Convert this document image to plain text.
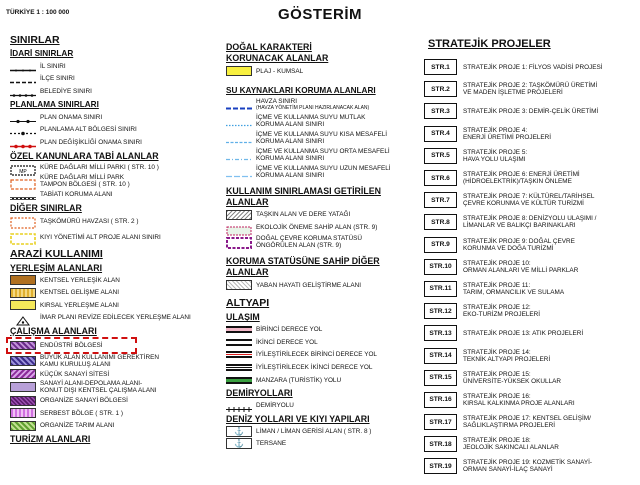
TÜRKİYE 1 : 100 000	GÖSTERİM
SINIRLAR
İDARİ SINIRLAR
İL SINIRI
İLÇE SINIRI
BELEDİYE SINIRI
PLANLAMA SINIRLARI
PLAN ONAMA SINIRI
PLANLAMA ALT BÖLGESİ SINIRI
PLAN DEĞİŞİKLİĞİ ONAMA SINIRI
ÖZEL KANUNLARA TABİ ALANLAR
MP
KÜRE DAĞLARI MİLLİ PARKI ( STR. 10 )
KÜRE DAĞLARI MİLLİ PARK
TAMPON BÖLGESİ ( STR. 10 )
TABİATI KORUMA ALANI
DİĞER SINIRLAR
TAŞKÖMÜRÜ HAVZASI ( STR. 2 )
KIYI YÖNETİMİ ALT PROJE ALANI SINIRI
ARAZİ KULLANIMI
YERLEŞİM ALANLARI
KENTSEL YERLEŞİK ALAN
KENTSEL GELİŞME ALANI
KIRSAL YERLEŞME ALANI
İMAR PLANI REVİZE EDİLECEK YERLEŞME ALANI
ÇALIŞMA ALANLARI
ENDÜSTRİ BÖLGESİ
BÜYÜK ALAN KULLANIMI GEREKTİREN
KAMU KURULUŞ ALANI
KÜÇÜK SANAYİ SİTESİ
SANAYİ ALANI-DEPOLAMA ALANI-
KONUT DIŞI KENTSEL ÇALIŞMA ALANI
ORGANİZE SANAYİ BÖLGESİ
SERBEST BÖLGE ( STR. 1 )
ORGANİZE TARIM ALANI
TURİZM ALANLARI
DOĞAL KARAKTERİ
KORUNACAK ALANLAR
PLAJ - KUMSAL
SU KAYNAKLARI KORUMA ALANLARI
HAVZA SINIRI
(HAVZA YÖNETİM PLANI HAZIRLANACAK ALAN)
İÇME VE KULLANMA SUYU MUTLAK
KORUMA ALANI SINIRI
İÇME VE KULLANMA SUYU KISA MESAFELİ
KORUMA ALANI SINIRI
İÇME VE KULLANMA SUYU ORTA MESAFELİ
KORUMA ALANI SINIRI
İÇME VE KULLANMA SUYU UZUN MESAFELİ
KORUMA ALANI SINIRI
KULLANIM SINIRLAMASI GETİRİLEN
ALANLAR
TAŞKIN ALAN VE DERE YATAĞI
EKOLOJİK ÖNEME SAHİP ALAN (STR. 9)
DOĞAL ÇEVRE KORUMA STATÜSÜ
ÖNGÖRÜLEN ALAN (STR. 9)
KORUMA STATÜSÜNE SAHİP DİĞER
ALANLAR
YABAN HAYATI GELİŞTİRME ALANI
ALTYAPI
ULAŞIM
BİRİNCİ DERECE YOL
İKİNCİ DERECE YOL
İYİLEŞTİRİLECEK BİRİNCİ DERECE YOL
İYİLEŞTİRİLECEK İKİNCİ DERECE YOL
MANZARA (TURİSTİK) YOLU
DEMİRYOLLARI
DEMİRYOLU
DENİZ YOLLARI VE KIYI YAPILARI
⚓	LİMAN / LİMAN GERİSİ ALAN ( STR. 8 )
⚓	TERSANE
STRATEJİK PROJELER
STR.1	STRATEJİK PROJE 1: FİLYOS VADİSİ PROJESİ
STR.2	STRATEJİK PROJE 2: TAŞKÖMÜRÜ ÜRETİMİ
VE MADEN İŞLETME PROJELERİ
STR.3	STRATEJİK PROJE 3: DEMİR-ÇELİK ÜRETİMİ
STR.4	STRATEJİK PROJE 4:
ENERJİ ÜRETİMİ PROJELERİ
STR.5	STRATEJİK PROJE 5:
HAVA YOLU ULAŞIMI
STR.6	STRATEJİK PROJE 6: ENERJİ ÜRETİMİ
(HİDROELEKTRİK)/TAŞKIN ÖNLEME
STR.7	STRATEJİK PROJE 7: KÜLTÜREL/TARİHSEL
ÇEVRE KORUNMA VE KÜLTÜR TURİZMİ
STR.8	STRATEJİK PROJE 8: DENİZYOLU ULAŞIMI /
LİMANLAR VE BALIKÇI BARINAKLARI
STR.9	STRATEJİK PROJE 9: DOĞAL ÇEVRE
KORUNMA VE DOĞA TURİZMİ
STR.10	STRATEJİK PROJE 10:
ORMAN ALANLARI VE MİLLİ PARKLAR
STR.11	STRATEJİK PROJE 11:
TARIM, ORMANCILIK VE SULAMA
STR.12	STRATEJİK PROJE 12:
EKO-TURİZM PROJELERİ
STR.13	STRATEJİK PROJE 13: ATIK PROJELERİ
STR.14	STRATEJİK PROJE 14:
TEKNİK ALTYAPI PROJELERİ
STR.15	STRATEJİK PROJE 15:
ÜNİVERSİTE-YÜKSEK OKULLAR
STR.16	STRATEJİK PROJE 16:
KIRSAL KALKINMA PROJE ALANLARI
STR.17	STRATEJİK PROJE 17: KENTSEL GELİŞİM/
SAĞLIKLAŞTIRMA PROJELERİ
STR.18	STRATEJİK PROJE 18:
JEOLOJİK SAKINCALI ALANLAR
STR.19	STRATEJİK PROJE 19: KOZMETİK SANAYİ-
ORMAN SANAYİ-İLAÇ SANAYİ
